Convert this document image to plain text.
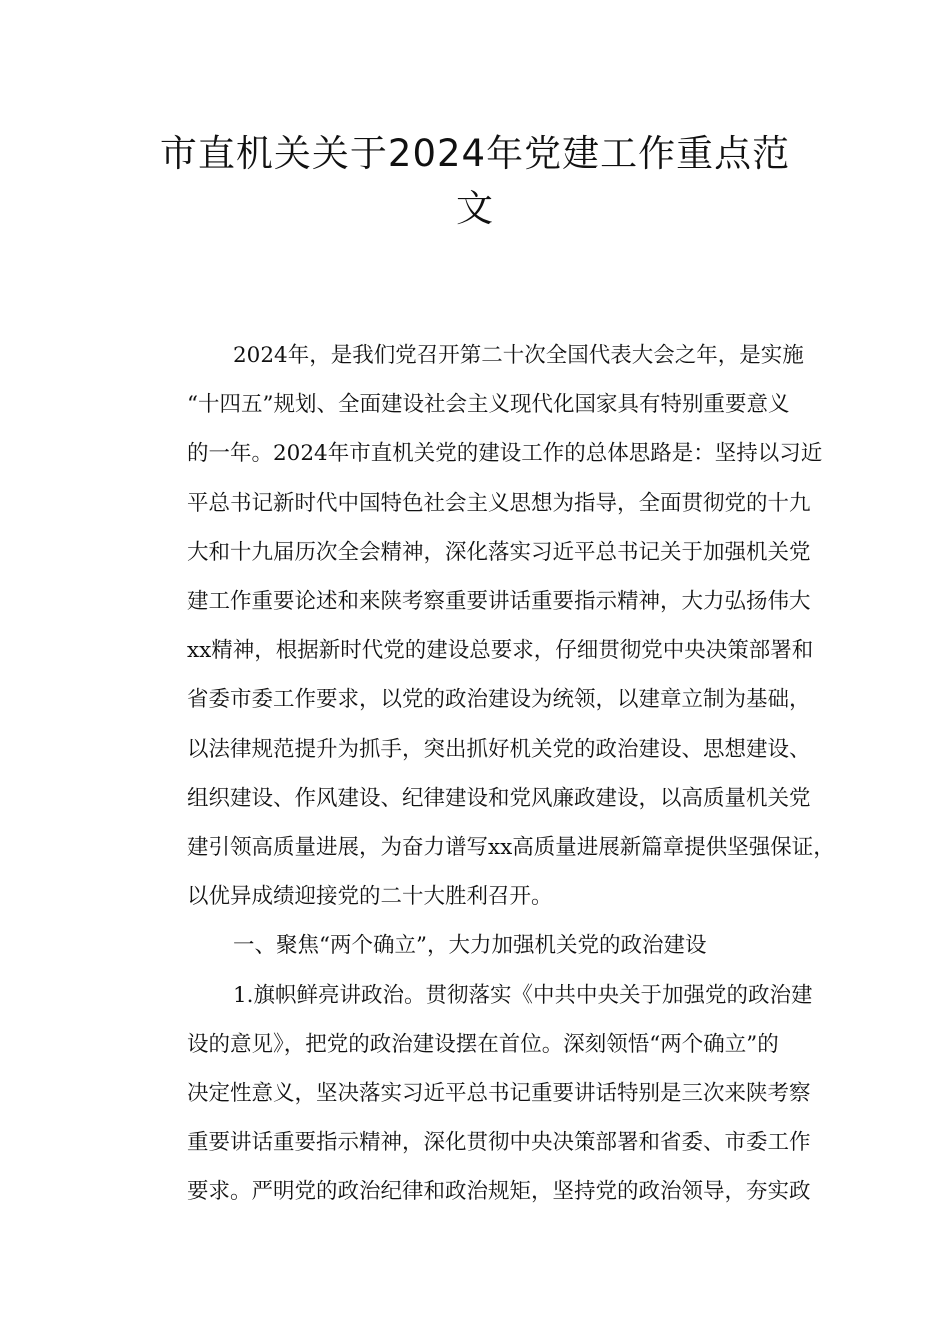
市直机关关于2024年党建工作重点范
文
2024年，是我们党召开第二十次全国代表大会之年，是实施
“十四五”规划、全面建设社会主义现代化国家具有特别重要意义
的一年。2024年市直机关党的建设工作的总体思路是：坚持以习近
平总书记新时代中国特色社会主义思想为指导，全面贯彻党的十九
大和十九届历次全会精神，深化落实习近平总书记关于加强机关党
建工作重要论述和来陕考察重要讲话重要指示精神，大力弘扬伟大
xx精神，根据新时代党的建设总要求，仔细贯彻党中央决策部署和
省委市委工作要求，以党的政治建设为统领，以建章立制为基础，
以法律规范提升为抓手，突出抓好机关党的政治建设、思想建设、
组织建设、作风建设、纪律建设和党风廉政建设，以高质量机关党
建引领高质量进展，为奋力谱写xx高质量进展新篇章提供坚强保证，
以优异成绩迎接党的二十大胜利召开。
一、聚焦“两个确立”，大力加强机关党的政治建设
1.旗帜鲜亮讲政治。贯彻落实《中共中央关于加强党的政治建
设的意见》，把党的政治建设摆在首位。深刻领悟“两个确立”的
决定性意义，坚决落实习近平总书记重要讲话特别是三次来陕考察
重要讲话重要指示精神，深化贯彻中央决策部署和省委、市委工作
要求。严明党的政治纪律和政治规矩，坚持党的政治领导，夯实政
